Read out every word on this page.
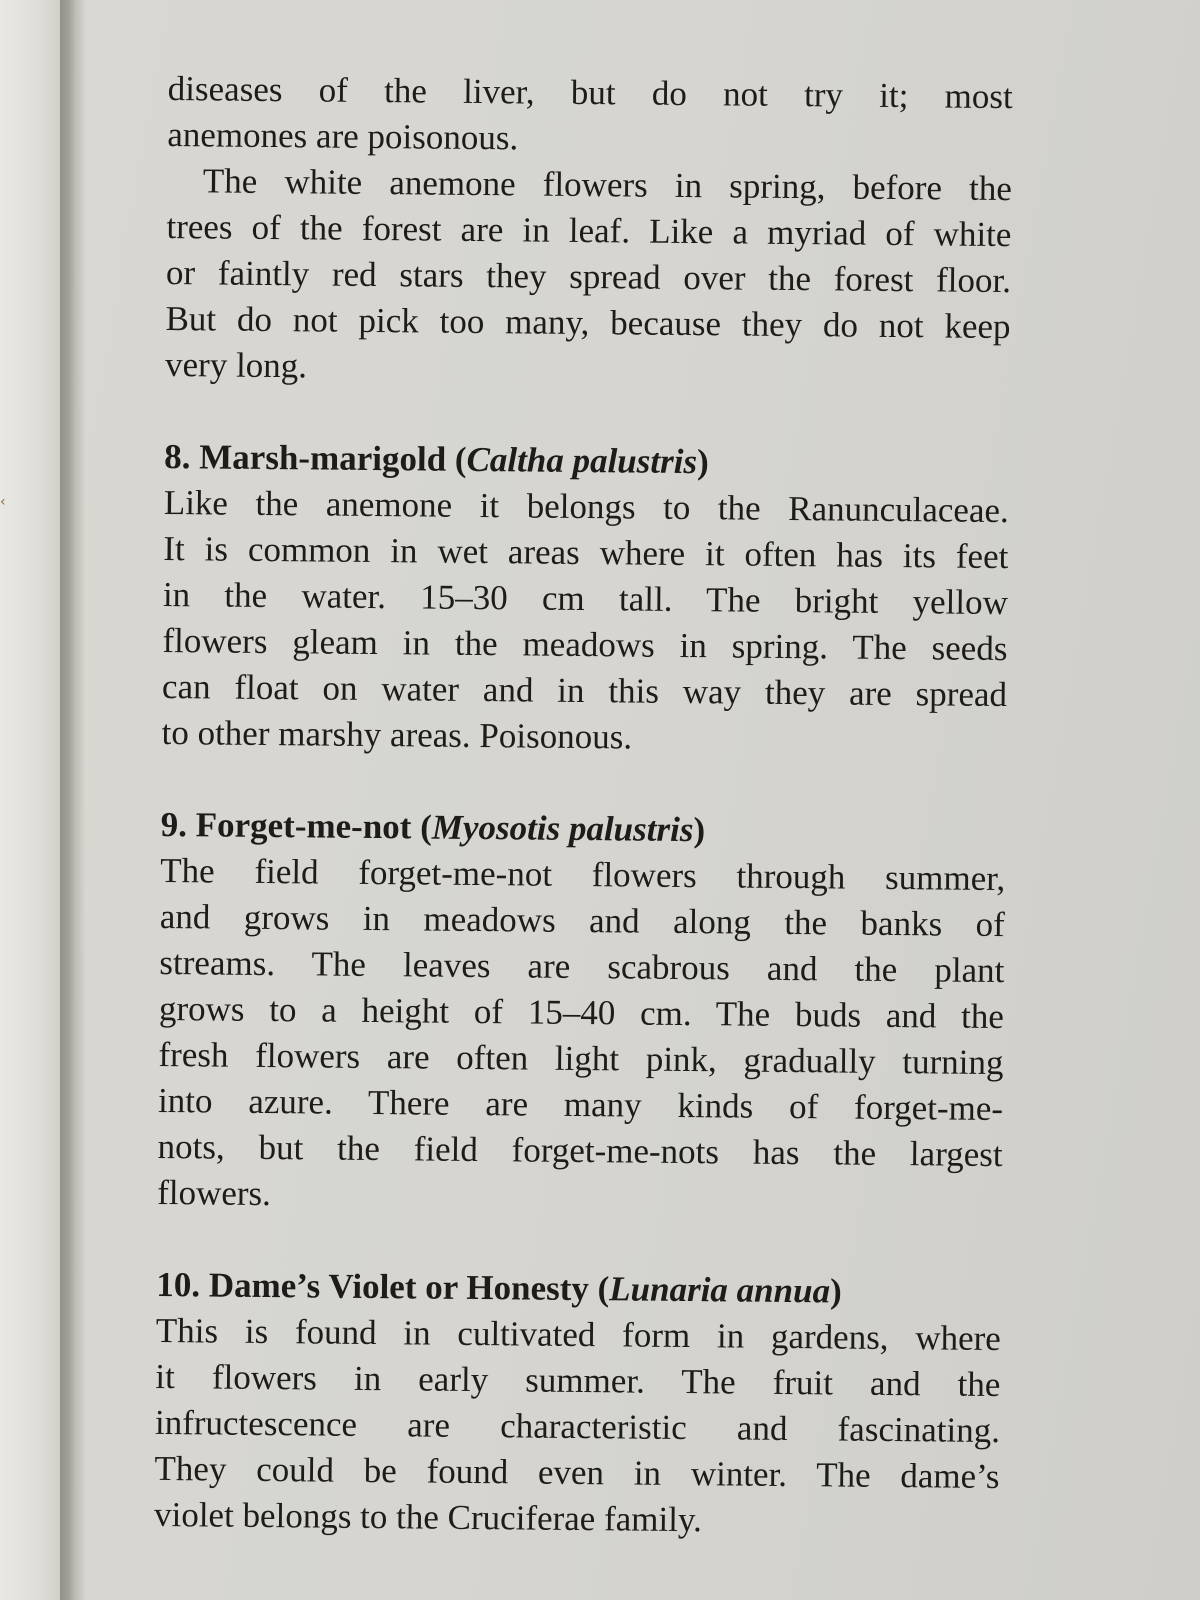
‹
diseases of the liver, but do not try it; most
anemones are poisonous.
The white anemone flowers in spring, before the
trees of the forest are in leaf. Like a myriad of white
or faintly red stars they spread over the forest floor.
But do not pick too many, because they do not keep
very long.
8. Marsh-marigold (Caltha palustris)
Like the anemone it belongs to the Ranunculaceae.
It is common in wet areas where it often has its feet
in the water. 15–30 cm tall. The bright yellow
flowers gleam in the meadows in spring. The seeds
can float on water and in this way they are spread
to other marshy areas. Poisonous.
9. Forget-me-not (Myosotis palustris)
The field forget-me-not flowers through summer,
and grows in meadows and along the banks of
streams. The leaves are scabrous and the plant
grows to a height of 15–40 cm. The buds and the
fresh flowers are often light pink, gradually turning
into azure. There are many kinds of forget-me-
nots, but the field forget-me-nots has the largest
flowers.
10. Dame’s Violet or Honesty (Lunaria annua)
This is found in cultivated form in gardens, where
it flowers in early summer. The fruit and the
infructescence are characteristic and fascinating.
They could be found even in winter. The dame’s
violet belongs to the Cruciferae family.
